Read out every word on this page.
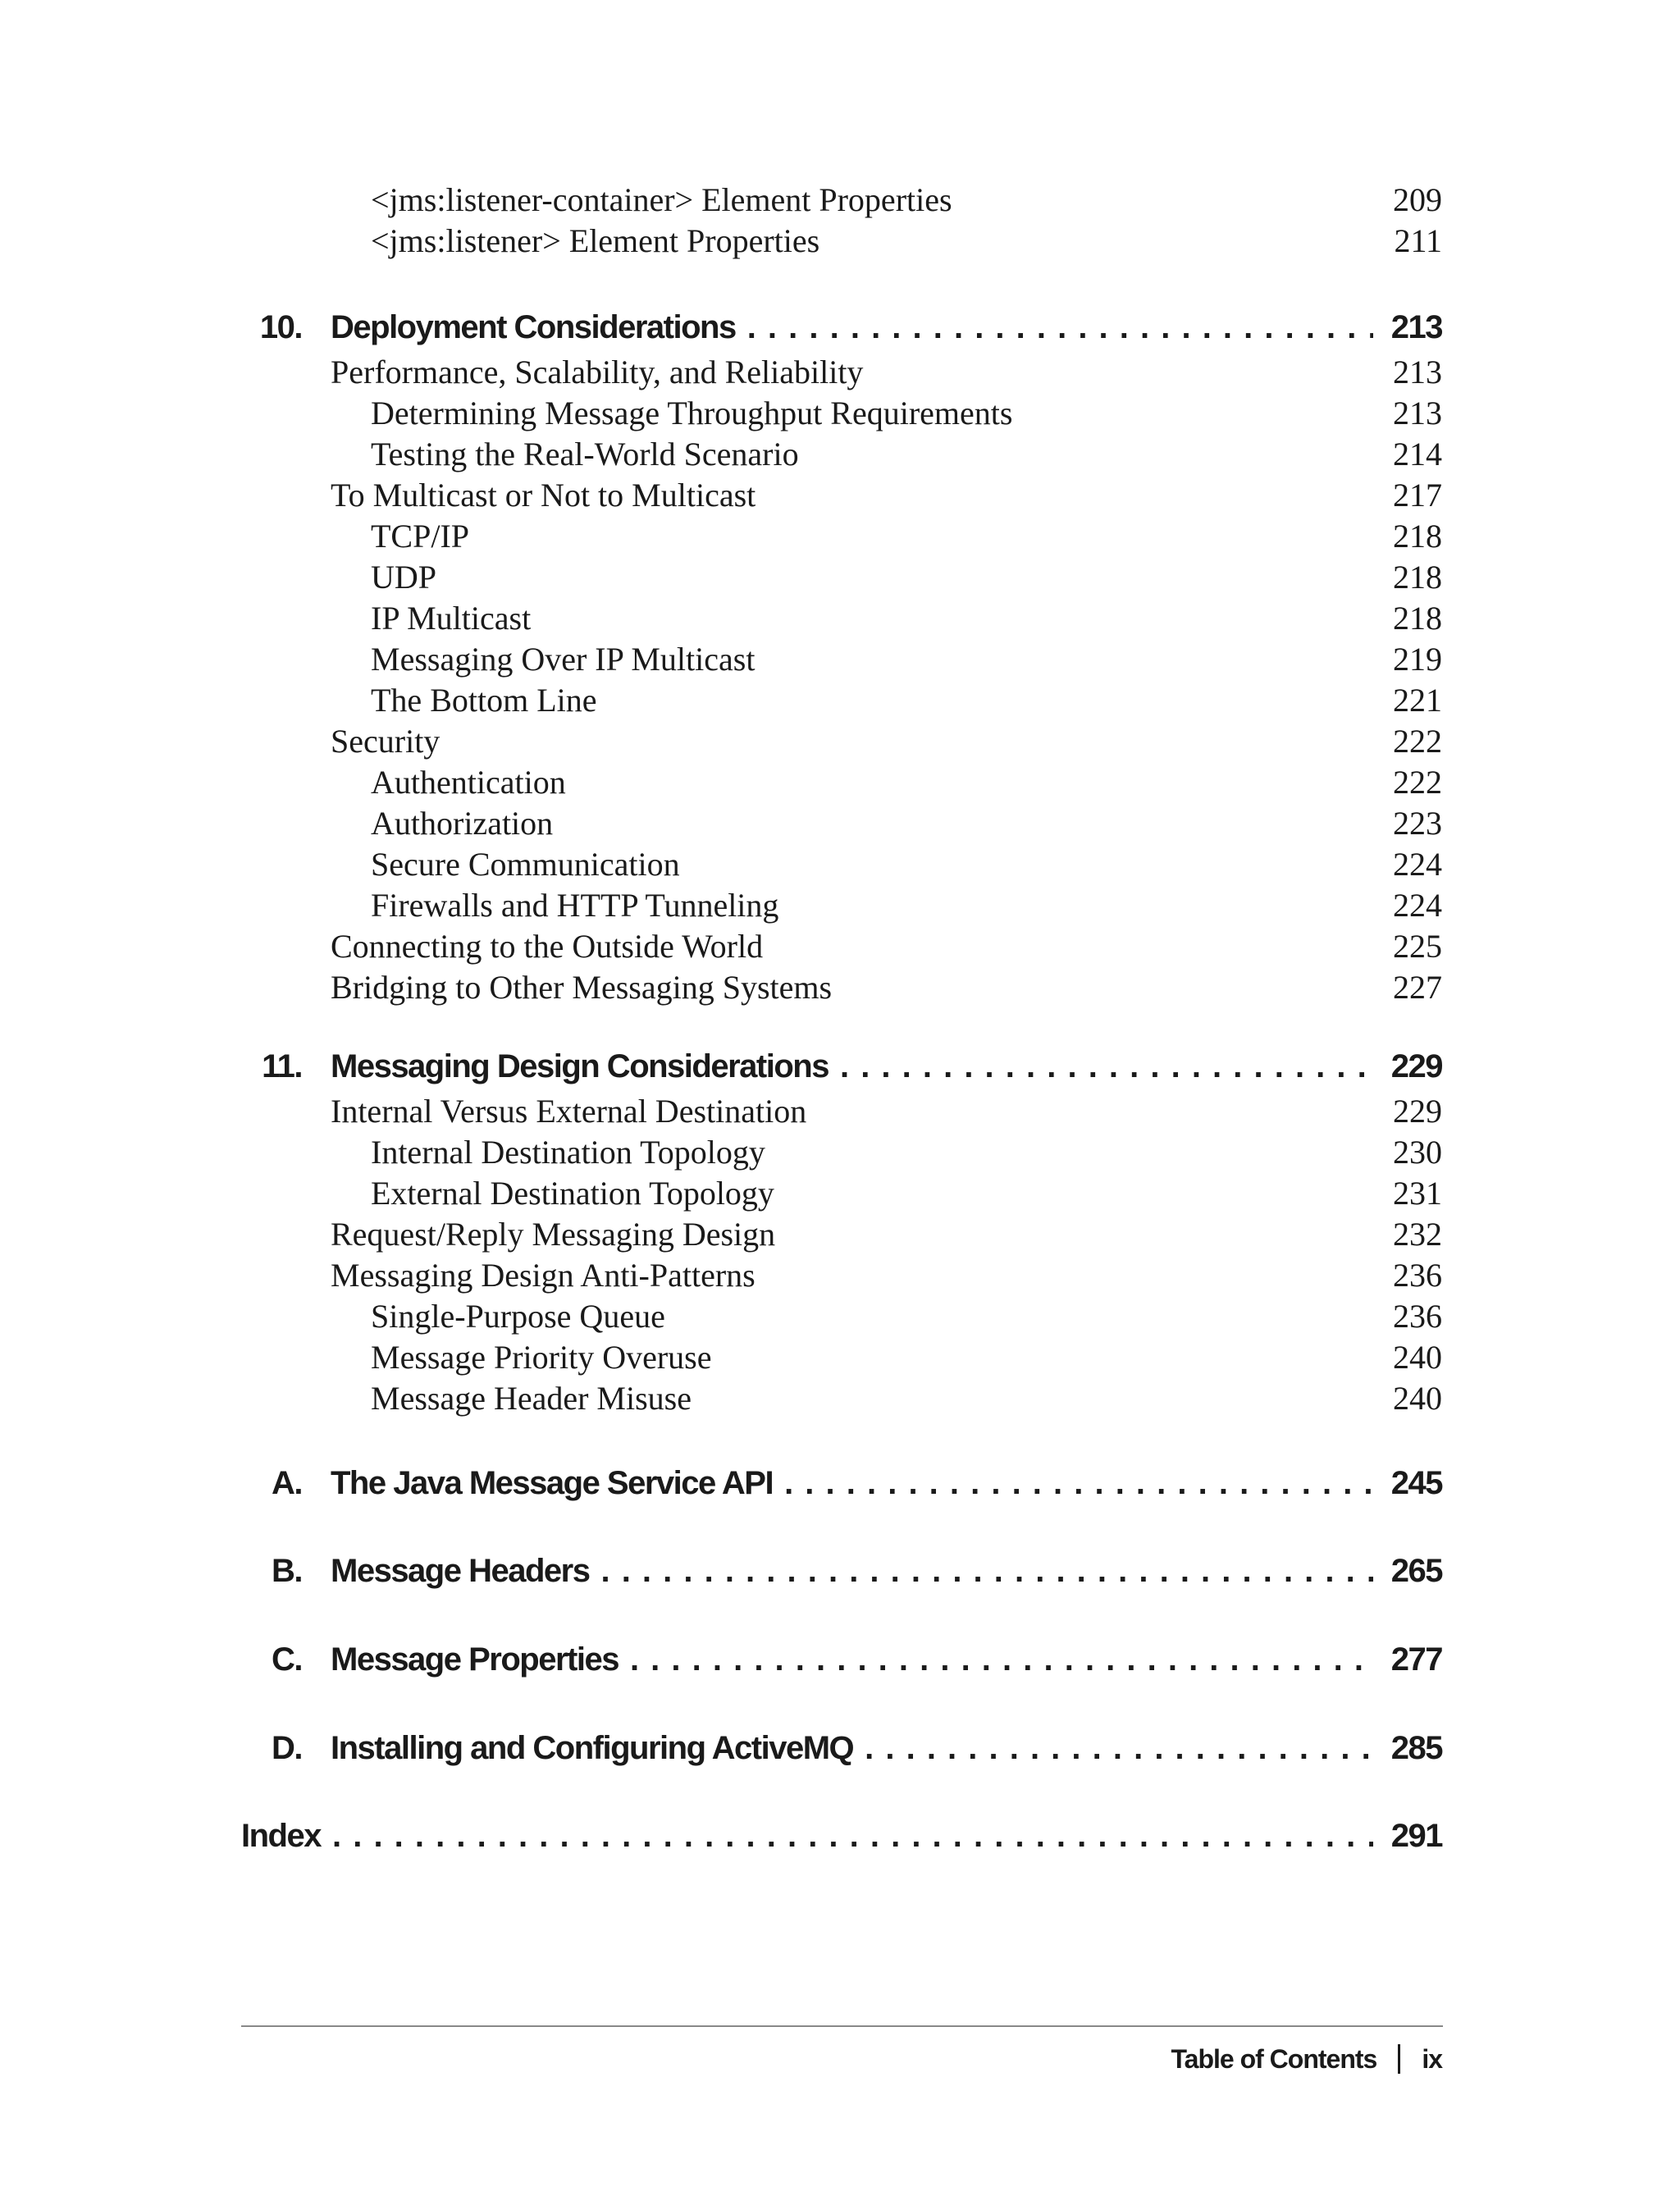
<jms:listener-container> Element Properties	209
<jms:listener> Element Properties	211
10. Deployment Considerations . . .	213
Performance, Scalability, and Reliability	213
Determining Message Throughput Requirements	213
Testing the Real-World Scenario	214
To Multicast or Not to Multicast	217
TCP/IP	218
UDP	218
IP Multicast	218
Messaging Over IP Multicast	219
The Bottom Line	221
Security	222
Authentication	222
Authorization	223
Secure Communication	224
Firewalls and HTTP Tunneling	224
Connecting to the Outside World	225
Bridging to Other Messaging Systems	227
11. Messaging Design Considerations . . .	229
Internal Versus External Destination	229
Internal Destination Topology	230
External Destination Topology	231
Request/Reply Messaging Design	232
Messaging Design Anti-Patterns	236
Single-Purpose Queue	236
Message Priority Overuse	240
Message Header Misuse	240
A. The Java Message Service API . . .	245
B. Message Headers . . .	265
C. Message Properties . . .	277
D. Installing and Configuring ActiveMQ . . .	285
Index . . .	291
Table of Contents ix
